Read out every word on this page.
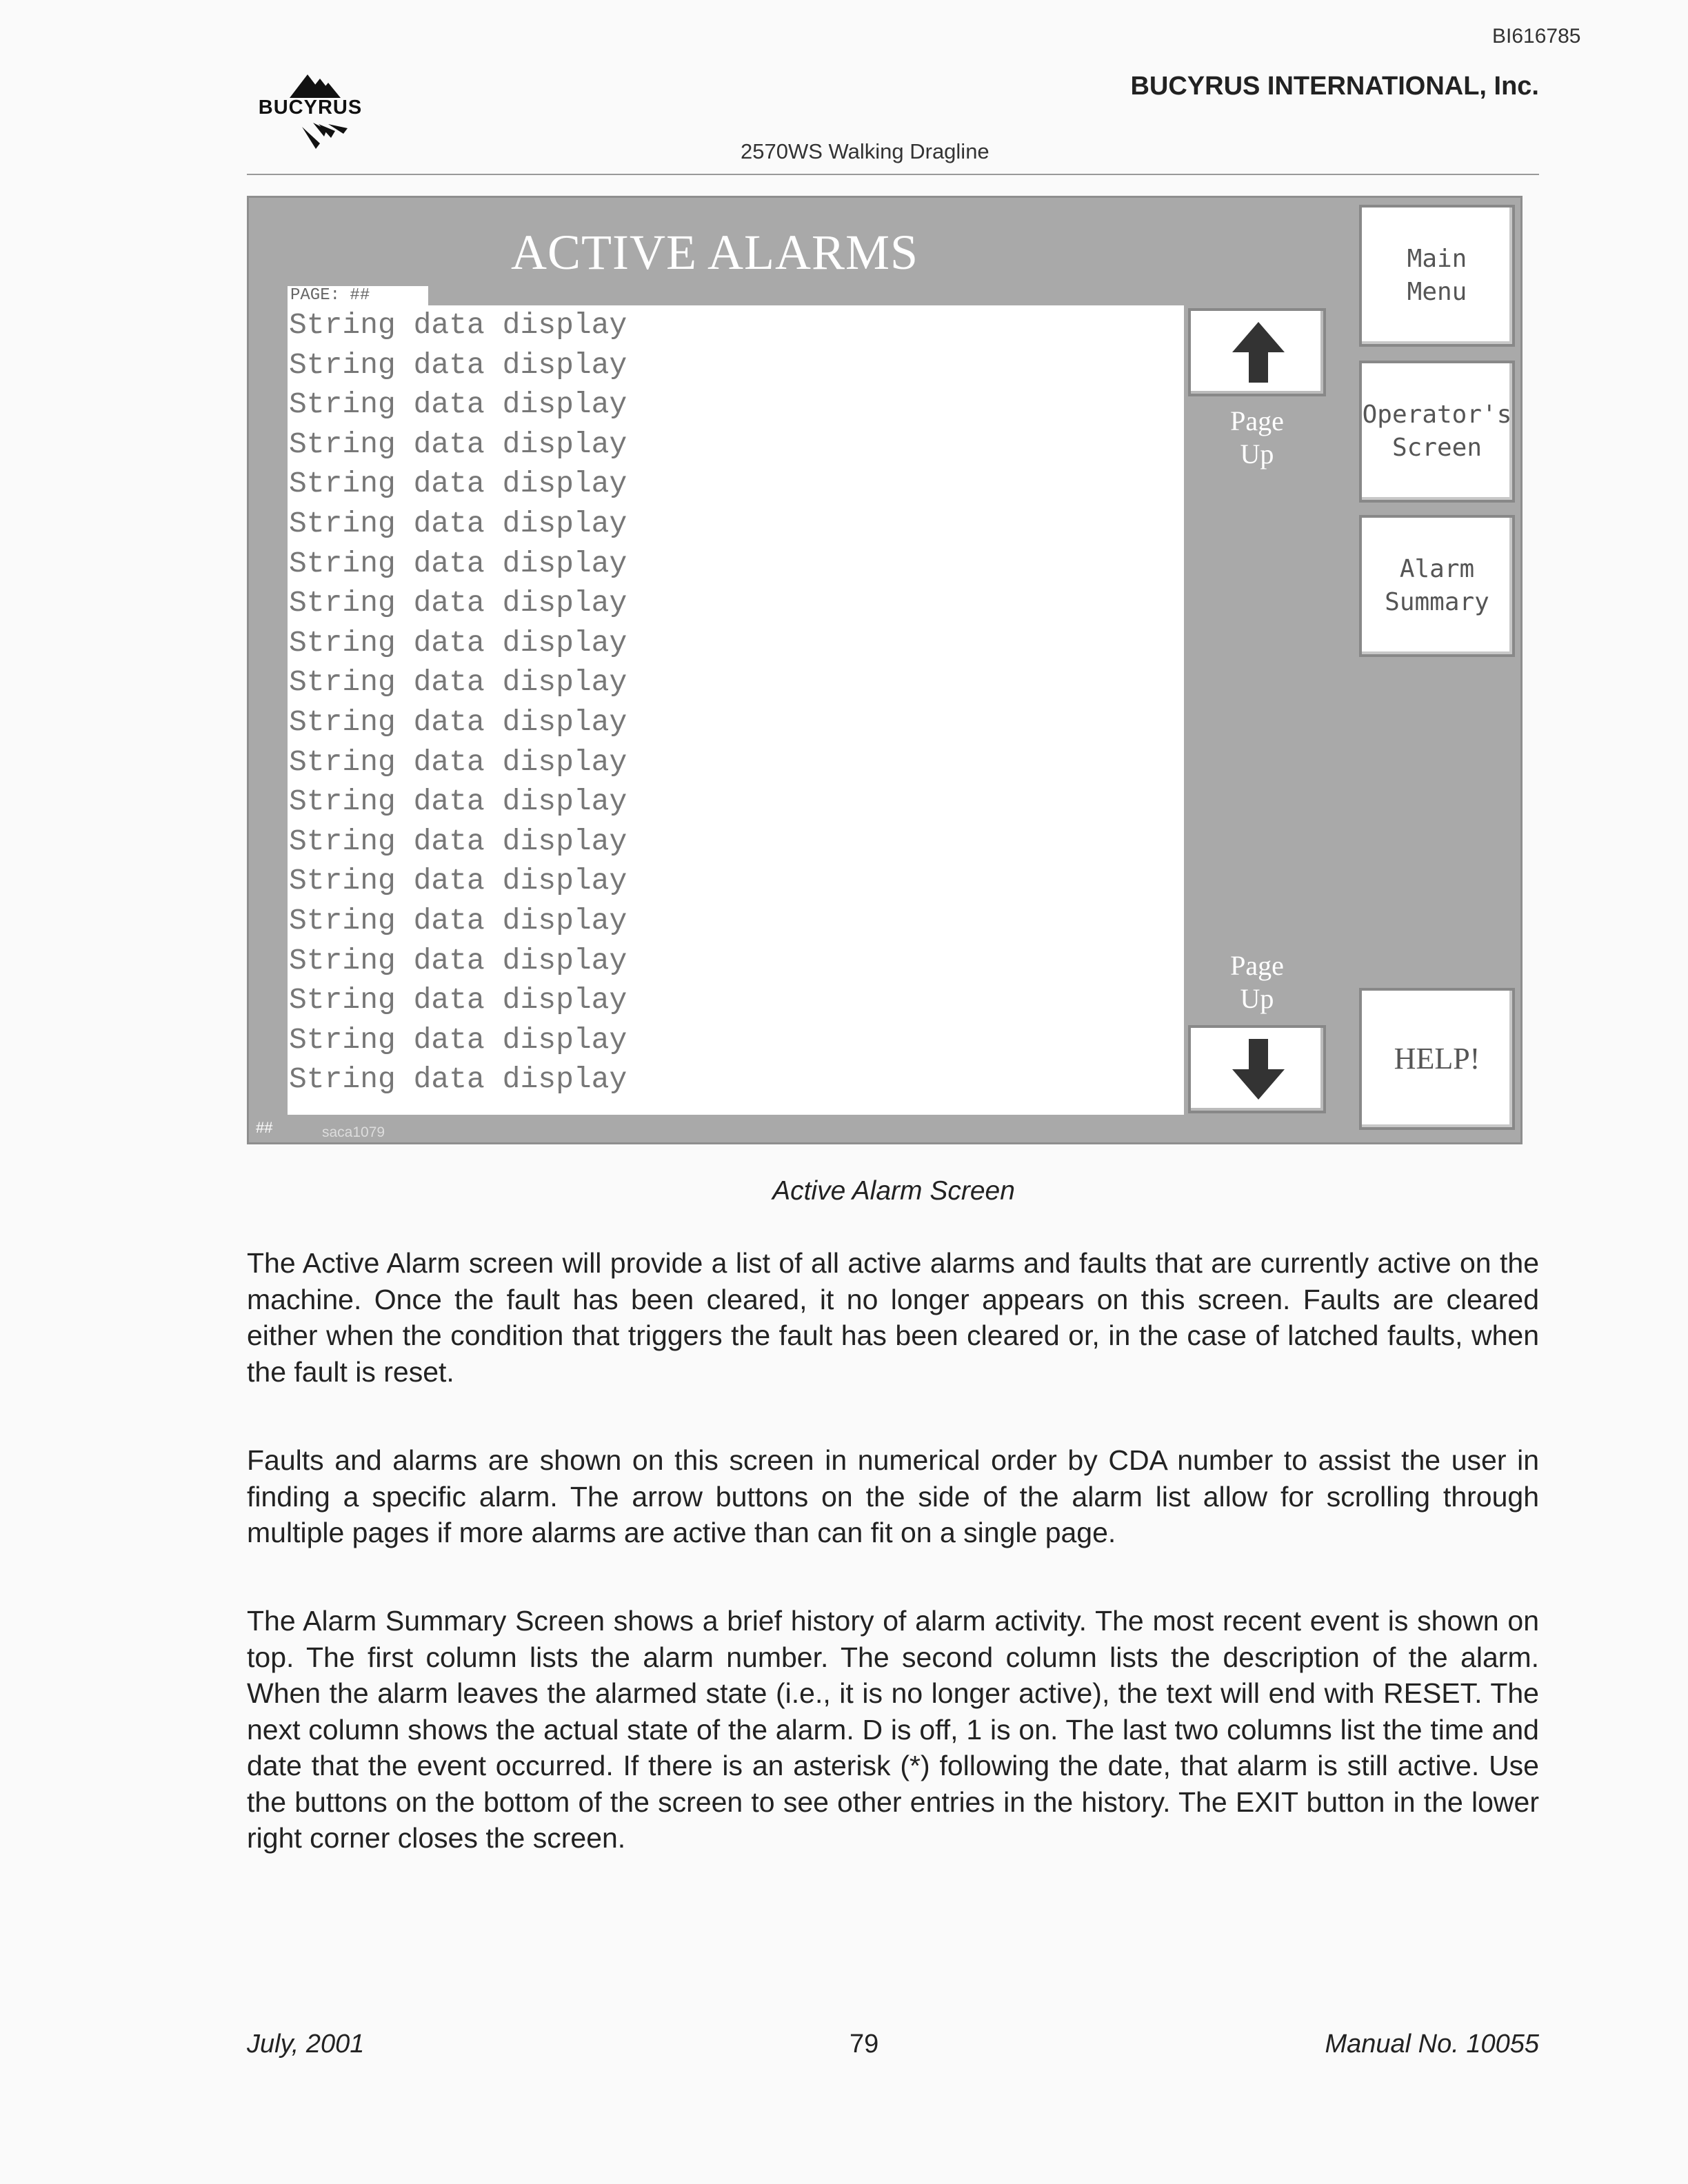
BI616785
BUCYRUS
BUCYRUS INTERNATIONAL, Inc.
2570WS Walking Dragline
ACTIVE ALARMS
PAGE: ##
String data display
String data display
String data display
String data display
String data display
String data display
String data display
String data display
String data display
String data display
String data display
String data display
String data display
String data display
String data display
String data display
String data display
String data display
String data display
String data display
Page
Up
Page
Up
Main
Menu
Operator's
Screen
Alarm
Summary
HELP!
##	saca1079
Active Alarm Screen

The Active Alarm screen will provide a list of all active alarms and faults that are currently active on the machine. Once the fault has been cleared, it no longer appears on this screen. Faults are cleared either when the condition that triggers the fault has been cleared or, in the case of latched faults, when the fault is reset.

Faults and alarms are shown on this screen in numerical order by CDA number to assist the user in finding a specific alarm. The arrow buttons on the side of the alarm list allow for scrolling through multiple pages if more alarms are active than can fit on a single page.

The Alarm Summary Screen shows a brief history of alarm activity. The most recent event is shown on top. The first column lists the alarm number. The second column lists the description of the alarm. When the alarm leaves the alarmed state (i.e., it is no longer active), the text will end with RESET. The next column shows the actual state of the alarm. D is off, 1 is on. The last two columns list the time and date that the event occurred. If there is an asterisk (*) following the date, that alarm is still active. Use the buttons on the bottom of the screen to see other entries in the history. The EXIT button in the lower right corner closes the screen.

July, 2001	79	Manual No. 10055
